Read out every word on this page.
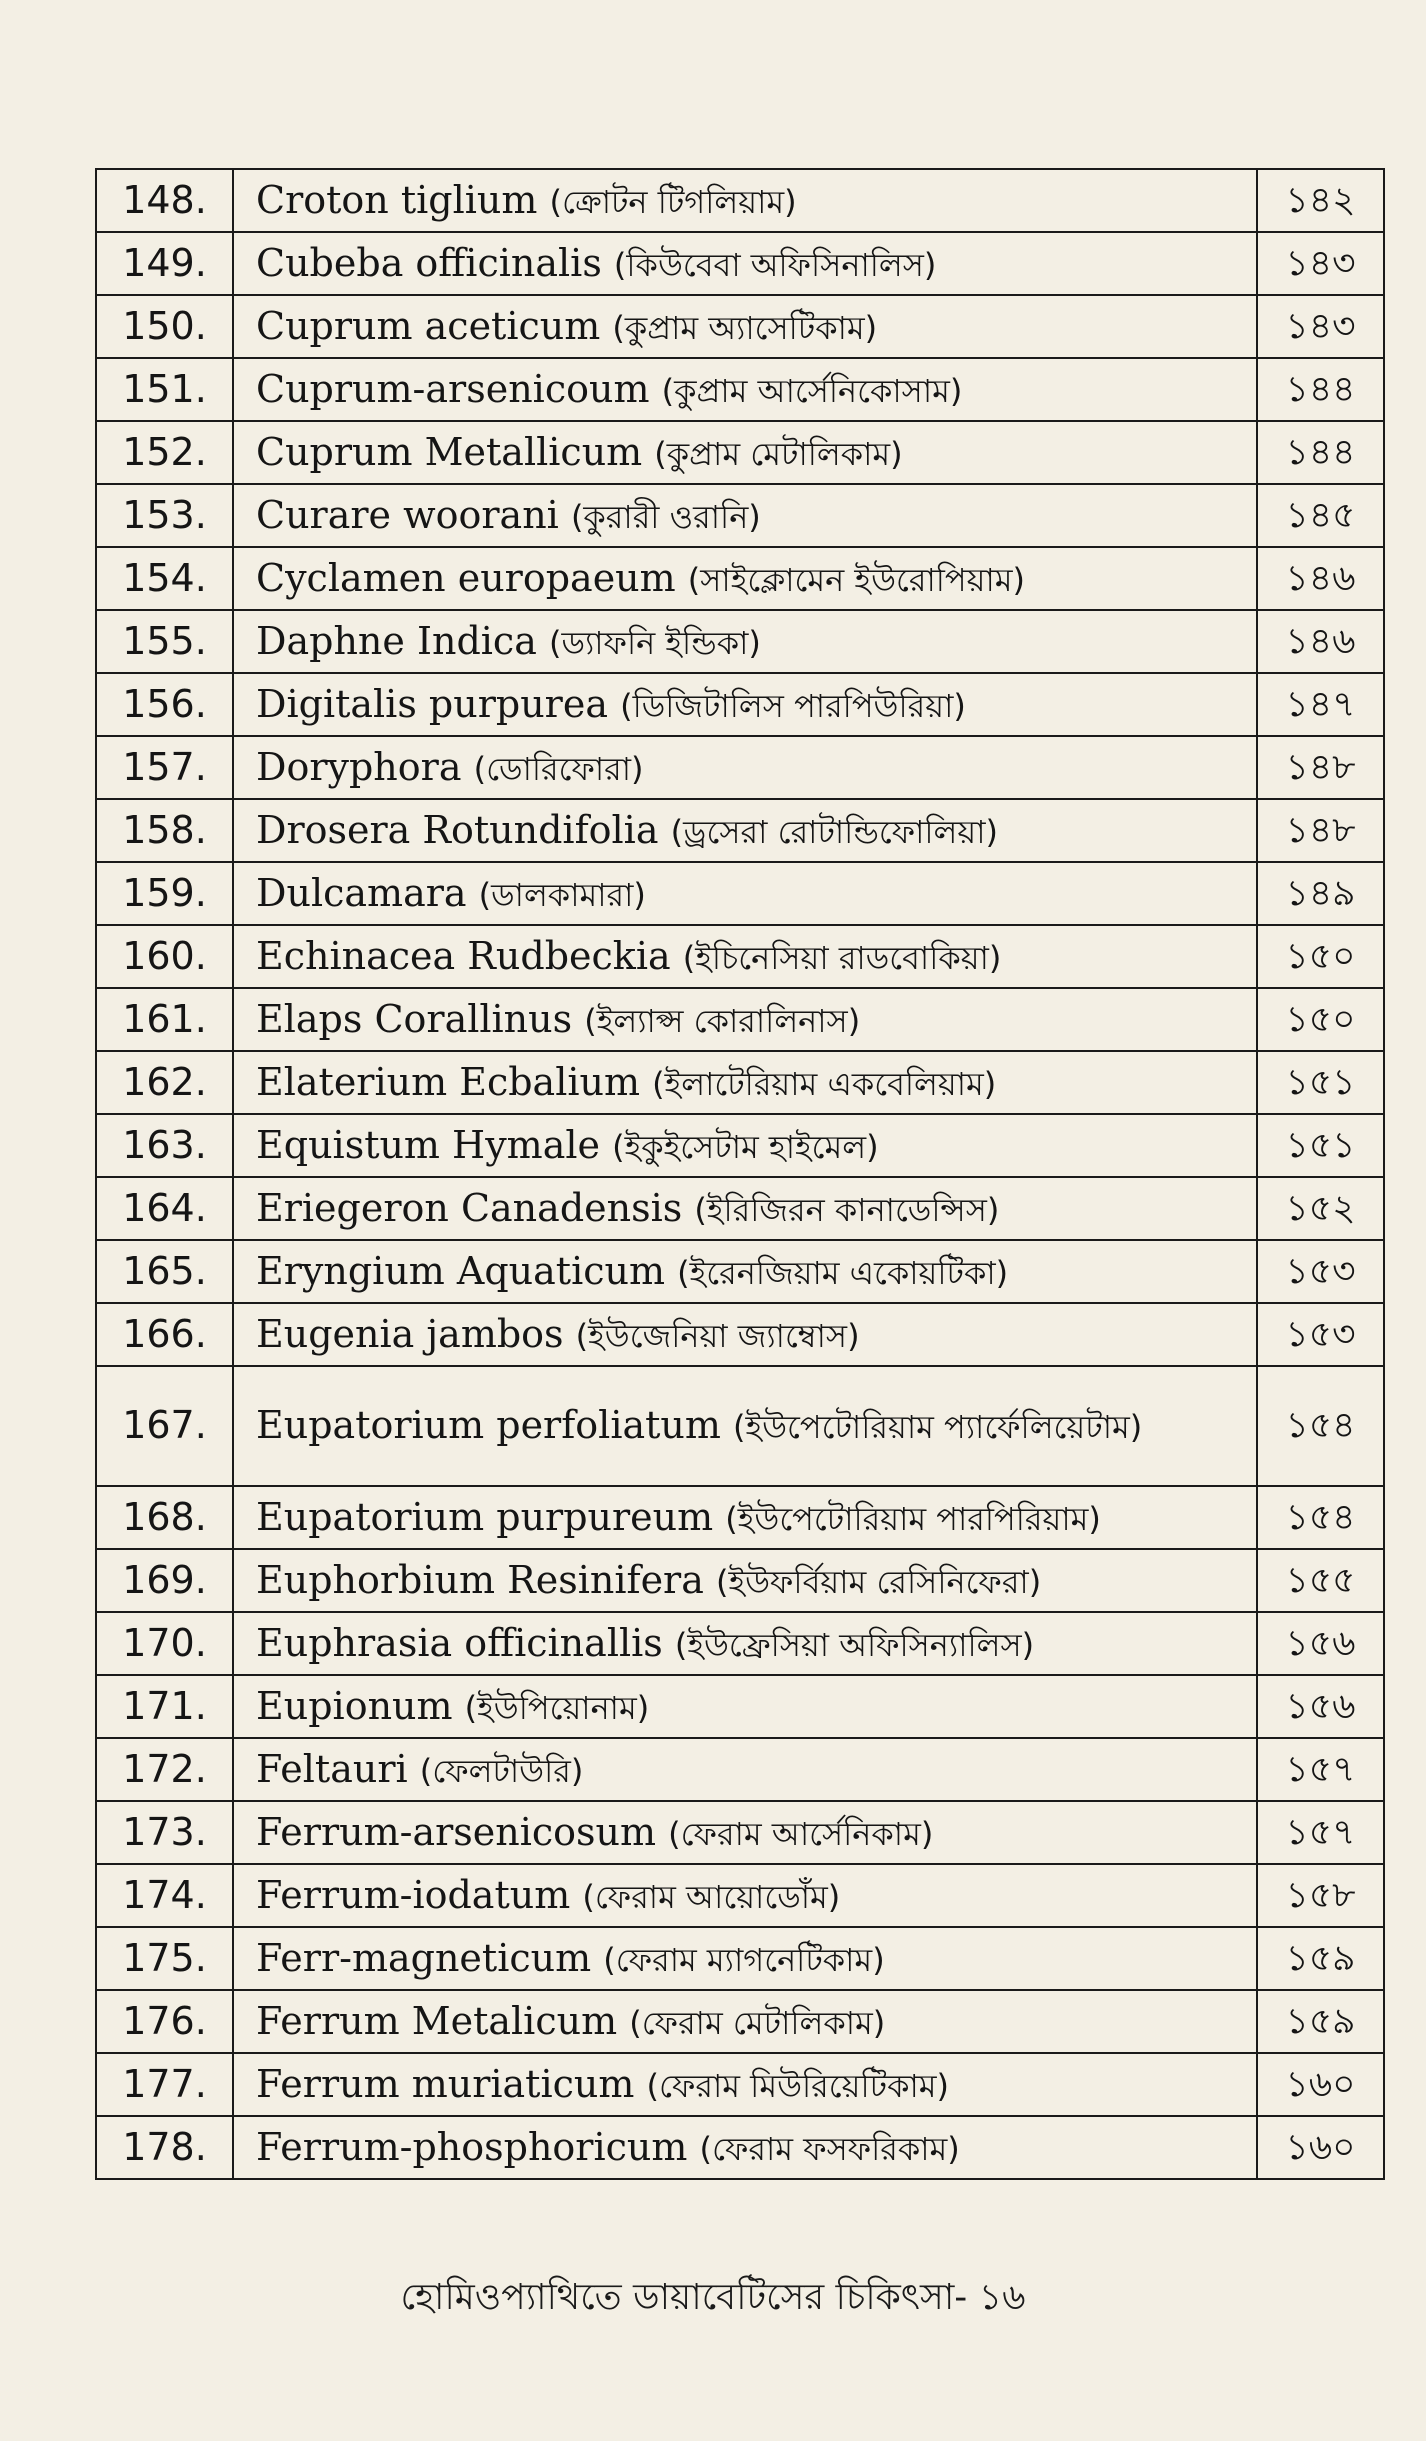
148.	Croton tiglium (ক্রোটন টিগলিয়াম)	১৪২
149.	Cubeba officinalis (কিউবেবা অফিসিনালিস)	১৪৩
150.	Cuprum aceticum (কুপ্রাম অ্যাসেটিকাম)	১৪৩
151.	Cuprum-arsenicoum (কুপ্রাম আর্সেনিকোসাম)	১৪৪
152.	Cuprum Metallicum (কুপ্রাম মেটালিকাম)	১৪৪
153.	Curare woorani (কুরারী ওরানি)	১৪৫
154.	Cyclamen europaeum (সাইক্লোমেন ইউরোপিয়াম)	১৪৬
155.	Daphne Indica (ড্যাফনি ইন্ডিকা)	১৪৬
156.	Digitalis purpurea (ডিজিটালিস পারপিউরিয়া)	১৪৭
157.	Doryphora (ডোরিফোরা)	১৪৮
158.	Drosera Rotundifolia (ড্রসেরা রোটান্ডিফোলিয়া)	১৪৮
159.	Dulcamara (ডালকামারা)	১৪৯
160.	Echinacea Rudbeckia (ইচিনেসিয়া রাডবোকিয়া)	১৫০
161.	Elaps Corallinus (ইল্যাপ্স কোরালিনাস)	১৫০
162.	Elaterium Ecbalium (ইলাটেরিয়াম একবেলিয়াম)	১৫১
163.	Equistum Hymale (ইকুইসেটাম হাইমেল)	১৫১
164.	Eriegeron Canadensis (ইরিজিরন কানাডেন্সিস)	১৫২
165.	Eryngium Aquaticum (ইরেনজিয়াম একোয়টিকা)	১৫৩
166.	Eugenia jambos (ইউজেনিয়া জ্যাম্বোস)	১৫৩
167.	Eupatorium perfoliatum (ইউপেটোরিয়াম প্যার্ফেলিয়েটাম)	১৫৪
168.	Eupatorium purpureum (ইউপেটোরিয়াম পারপিরিয়াম)	১৫৪
169.	Euphorbium Resinifera (ইউফর্বিয়াম রেসিনিফেরা)	১৫৫
170.	Euphrasia officinallis (ইউফ্রেসিয়া অফিসিন্যালিস)	১৫৬
171.	Eupionum (ইউপিয়োনাম)	১৫৬
172.	Feltauri (ফেলটাউরি)	১৫৭
173.	Ferrum-arsenicosum (ফেরাম আর্সেনিকাম)	১৫৭
174.	Ferrum-iodatum (ফেরাম আয়োডোঁম)	১৫৮
175.	Ferr-magneticum (ফেরাম ম্যাগনেটিকাম)	১৫৯
176.	Ferrum Metalicum (ফেরাম মেটালিকাম)	১৫৯
177.	Ferrum muriaticum (ফেরাম মিউরিয়েটিকাম)	১৬০
178.	Ferrum-phosphoricum (ফেরাম ফসফরিকাম)	১৬০
হোমিওপ্যাথিতে ডায়াবেটিসের চিকিৎসা- ১৬
